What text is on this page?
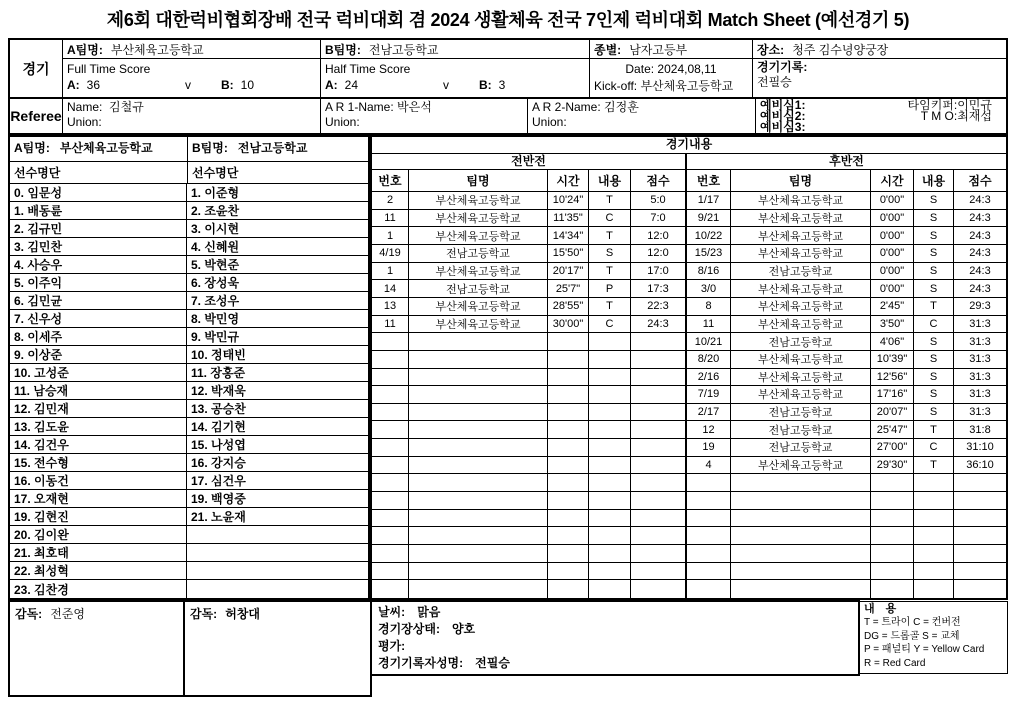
제6회 대한럭비협회장배 전국 럭비대회 겸 2024 생활체육 전국 7인제 럭비대회 Match Sheet (예선경기 5)
경기
A팀명: 부산체육고등학교	B팀명: 전남고등학교	종별: 남자고등부	장소: 청주 김수녕양궁장
Full Time Score
A: 36	v	B: 10
Half Time Score
A: 24	v	B: 3
Date: 2024,08,11
Kick-off: 부산체육고등학교
경기기록:
전필승
Referee
Name: 김철규
Union:
A R 1-Name: 박은석
Union:
A R 2-Name: 김정훈
Union:
예비심1:	타임키퍼:이민규
예비심2:	T M O:최재섭
예비심3:
A팀명: 부산체육고등학교	B팀명: 전남고등학교
선수명단	선수명단
0. 임문성	1. 이준형
1. 배동륜	2. 조윤찬
2. 김규민	3. 이시현
3. 김민찬	4. 신혜원
4. 사승우	5. 박현준
5. 이주익	6. 장성욱
6. 김민균	7. 조성우
7. 신우성	8. 박민영
8. 이세주	9. 박민규
9. 이상준	10. 정태빈
10. 고성준	11. 장홍준
11. 남승재	12. 박재욱
12. 김민재	13. 공승찬
13. 김도윤	14. 김기현
14. 김건우	15. 나성엽
15. 전수형	16. 강지승
16. 이동건	17. 심건우
17. 오재현	19. 백영중
19. 김현진	21. 노윤재
20. 김이완
21. 최호태
22. 최성혁
23. 김찬경
경기내용
전반전
번호	팀명	시간	내용	점수
2	부산체육고등학교	10'24"	T	5:0
11	부산체육고등학교	11'35"	C	7:0
1	부산체육고등학교	14'34"	T	12:0
4/19	전남고등학교	15'50"	S	12:0
1	부산체육고등학교	20'17"	T	17:0
14	전남고등학교	25'7"	P	17:3
13	부산체육고등학교	28'55"	T	22:3
11	부산체육고등학교	30'00"	C	24:3
후반전
번호	팀명	시간	내용	점수
1/17	부산체육고등학교	0'00"	S	24:3
9/21	부산체육고등학교	0'00"	S	24:3
10/22	부산체육고등학교	0'00"	S	24:3
15/23	부산체육고등학교	0'00"	S	24:3
8/16	전남고등학교	0'00"	S	24:3
3/0	부산체육고등학교	0'00"	S	24:3
8	부산체육고등학교	2'45"	T	29:3
11	부산체육고등학교	3'50"	C	31:3
10/21	전남고등학교	4'06"	S	31:3
8/20	부산체육고등학교	10'39"	S	31:3
2/16	부산체육고등학교	12'56"	S	31:3
7/19	부산체육고등학교	17'16"	S	31:3
2/17	전남고등학교	20'07"	S	31:3
12	전남고등학교	25'47"	T	31:8
19	전남고등학교	27'00"	C	31:10
4	부산체육고등학교	29'30"	T	36:10
감독: 전준영	감독: 허창대	날씨: 맑음
경기장상태: 양호
평가:
경기기록자성명: 전필승
내 용
T = 트라이 C = 컨버전
DG = 드롭골 S = 교체
P = 패널티 Y = Yellow Card
R = Red Card
